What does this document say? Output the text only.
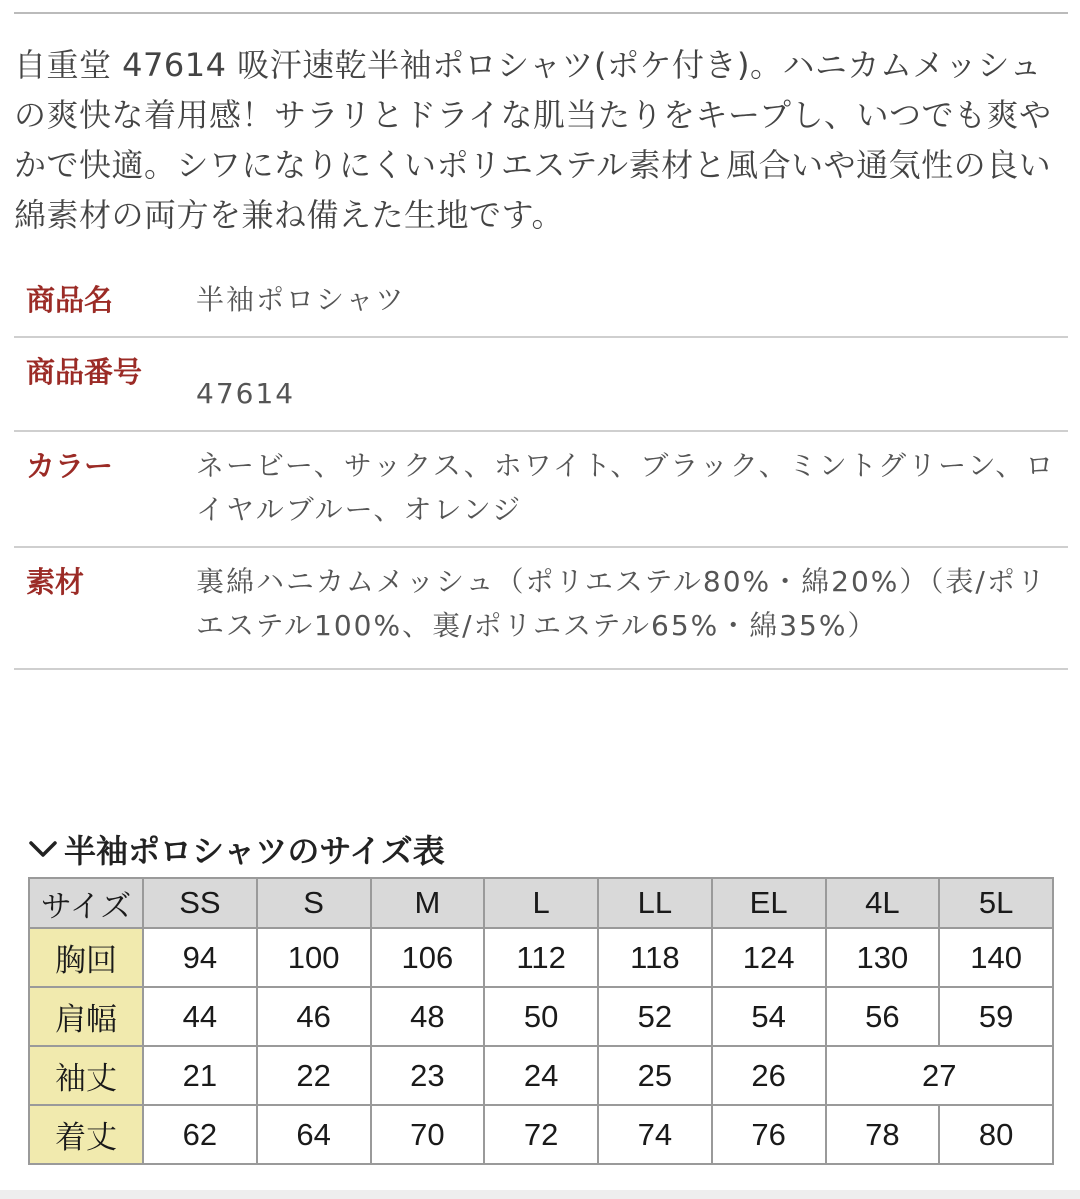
自重堂 47614 吸汗速乾半袖ポロシャツ(ポケ付き)。ハニカムメッシュの爽快な着用感！サラリとドライな肌当たりをキープし、いつでも爽やかで快適。シワになりにくいポリエステル素材と風合いや通気性の良い綿素材の両方を兼ね備えた生地です。

商品名	半袖ポロシャツ
商品番号	47614
カラー	ネービー、サックス、ホワイト、ブラック、ミントグリーン、ロイヤルブルー、オレンジ
素材	裏綿ハニカムメッシュ（ポリエステル80%・綿20%）（表/ポリエステル100%、裏/ポリエステル65%・綿35%）
半袖ポロシャツのサイズ表
サイズ	SS	S	M	L	LL	EL	4L	5L
胸回	94	100	106	112	118	124	130	140
肩幅	44	46	48	50	52	54	56	59
袖丈	21	22	23	24	25	26	27	
着丈	62	64	70	72	74	76	78	80
